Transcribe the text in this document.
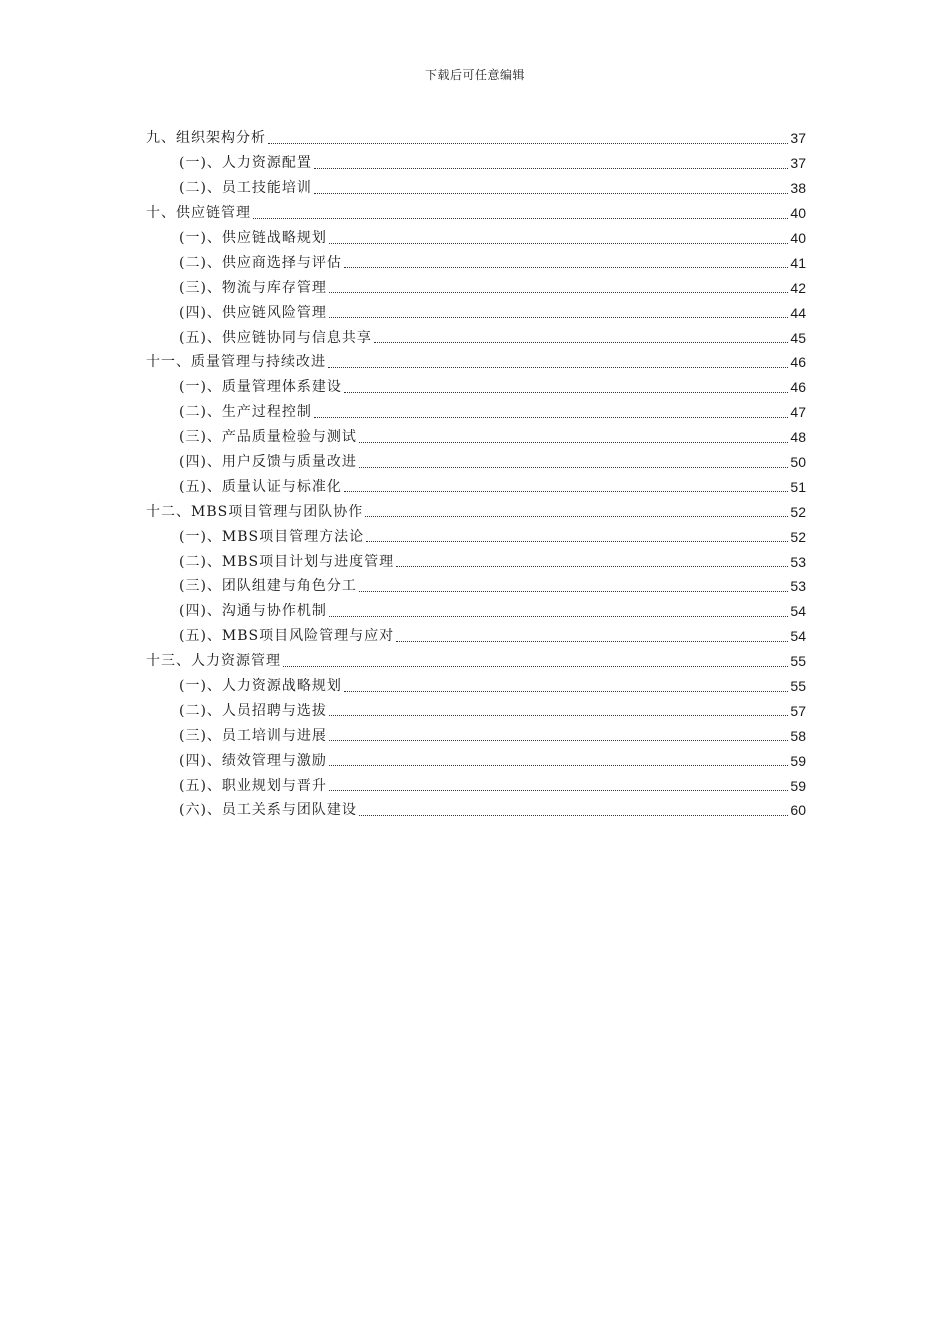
下载后可任意编辑
九、组织架构分析	37
(一)、人力资源配置	37
(二)、员工技能培训	38
十、供应链管理	40
(一)、供应链战略规划	40
(二)、供应商选择与评估	41
(三)、物流与库存管理	42
(四)、供应链风险管理	44
(五)、供应链协同与信息共享	45
十一、质量管理与持续改进	46
(一)、质量管理体系建设	46
(二)、生产过程控制	47
(三)、产品质量检验与测试	48
(四)、用户反馈与质量改进	50
(五)、质量认证与标准化	51
十二、MBS项目管理与团队协作	52
(一)、MBS项目管理方法论	52
(二)、MBS项目计划与进度管理	53
(三)、团队组建与角色分工	53
(四)、沟通与协作机制	54
(五)、MBS项目风险管理与应对	54
十三、人力资源管理	55
(一)、人力资源战略规划	55
(二)、人员招聘与选拔	57
(三)、员工培训与进展	58
(四)、绩效管理与激励	59
(五)、职业规划与晋升	59
(六)、员工关系与团队建设	60
